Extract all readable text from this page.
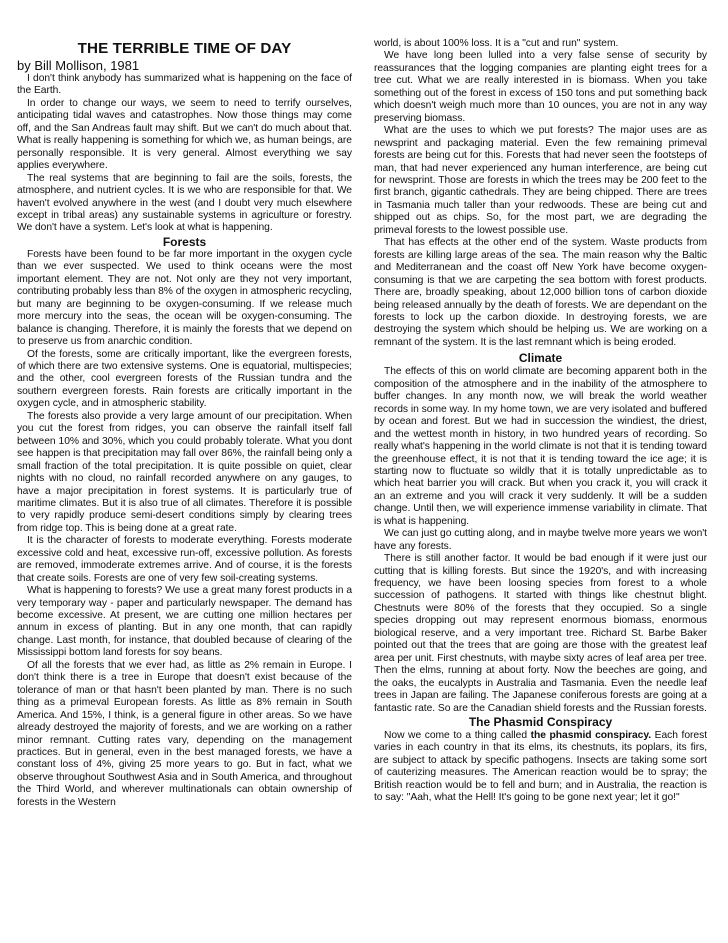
THE TERRIBLE TIME OF DAY
by Bill Mollison, 1981

I don't think anybody has summarized what is happening on the face of the Earth.

In order to change our ways, we seem to need to terrify ourselves, anticipating tidal waves and catastrophes. Now those things may come off, and the San Andreas fault may shift. But we can't do much about that. What is really happening is something for which we, as human beings, are personally responsible. It is very general. Almost everything we say applies everywhere.

The real systems that are beginning to fail are the soils, forests, the atmosphere, and nutrient cycles. It is we who are responsible for that. We haven't evolved anywhere in the west (and I doubt very much elsewhere except in tribal areas) any sustainable systems in agriculture or forestry. We don't have a system. Let's look at what is happening.

Forests

Forests have been found to be far more important in the oxygen cycle than we ever suspected. We used to think oceans were the most important element. They are not. Not only are they not very important, contributing probably less than 8% of the oxygen in atmospheric recycling, but many are beginning to be oxygen-consuming. If we release much more mercury into the seas, the ocean will be oxygen-consuming. The balance is changing. Therefore, it is mainly the forests that we depend on to preserve us from anarchic condition.

Of the forests, some are critically important, like the evergreen forests, of which there are two extensive systems. One is equatorial, multispecies; and the other, cool evergreen forests of the Russian tundra and the southern evergreen forests. Rain forests are critically important in the oxygen cycle, and in atmospheric stability.

The forests also provide a very large amount of our precipitation. When you cut the forest from ridges, you can observe the rainfall itself fall between 10% and 30%, which you could probably tolerate. What you dont see happen is that precipitation may fall over 86%, the rainfall being only a small fraction of the total precipitation. It is quite possible on quiet, clear nights with no cloud, no rainfall recorded anywhere on any gauges, to have a major precipitation in forest systems. It is particularly true of maritime climates. But it is also true of all climates. Therefore it is possible to very rapidly produce semi-desert conditions simply by clearing trees from ridge top. This is being done at a great rate.

It is the character of forests to moderate everything. Forests moderate excessive cold and heat, excessive run-off, excessive pollution. As forests are removed, immoderate extremes arrive. And of course, it is the forests that create soils. Forests are one of very few soil-creating systems.

What is happening to forests? We use a great many forest products in a very temporary way - paper and particularly newspaper. The demand has become excessive. At present, we are cutting one million hectares per annum in excess of planting. But in any one month, that can rapidly change. Last month, for instance, that doubled because of clearing of the Mississippi bottom land forests for soy beans.

Of all the forests that we ever had, as little as 2% remain in Europe. I don't think there is a tree in Europe that doesn't exist because of the tolerance of man or that hasn't been planted by man. There is no such thing as a primeval European forests. As little as 8% remain in South America. And 15%, I think, is a general figure in other areas. So we have already destroyed the majority of forests, and we are working on a rather minor remnant. Cutting rates vary, depending on the management practices. But in general, even in the best managed forests, we have a constant loss of 4%, giving 25 more years to go. But in fact, what we observe throughout Southwest Asia and in South America, and throughout the Third World, and wherever multinationals can obtain ownership of forests in the Western

world, is about 100% loss. It is a "cut and run" system.

We have long been lulled into a very false sense of security by reassurances that the logging companies are planting eight trees for a tree cut. What we are really interested in is biomass. When you take something out of the forest in excess of 150 tons and put something back which doesn't weigh much more than 10 ounces, you are not in any way preserving biomass.

What are the uses to which we put forests? The major uses are as newsprint and packaging material. Even the few remaining primeval forests are being cut for this. Forests that had never seen the footsteps of man, that had never experienced any human interference, are being cut for newsprint. Those are forests in which the trees may be 200 feet to the first branch, gigantic cathedrals. They are being chipped. There are trees in Tasmania much taller than your redwoods. These are being cut and shipped out as chips. So, for the most part, we are degrading the primeval forests to the lowest possible use.

That has effects at the other end of the system. Waste products from forests are killing large areas of the sea. The main reason why the Baltic and Mediterranean and the coast off New York have become oxygen-consuming is that we are carpeting the sea bottom with forest products. There are, broadly speaking, about 12,000 billion tons of carbon dioxide being released annually by the death of forests. We are dependant on the forests to lock up the carbon dioxide. In destroying forests, we are destroying the system which should be helping us. We are working on a remnant of the system. It is the last remnant which is being eroded.

Climate

The effects of this on world climate are becoming apparent both in the composition of the atmosphere and in the inability of the atmosphere to buffer changes. In any month now, we will break the world weather records in some way. In my home town, we are very isolated and buffered by ocean and forest. But we had in succession the windiest, the driest, and the wettest month in history, in two hundred years of recording. So really what's happening in the world climate is not that it is tending toward the greenhouse effect, it is not that it is tending toward the ice age; it is starting now to fluctuate so wildly that it is totally unpredictable as to which heat barrier you will crack. But when you crack it, you will crack it an an extreme and you will crack it very suddenly. It will be a sudden change. Until then, we will experience immense variability in climate. That is what is happening.

We can just go cutting along, and in maybe twelve more years we won't have any forests.

There is still another factor. It would be bad enough if it were just our cutting that is killing forests. But since the 1920's, and with increasing frequency, we have been loosing species from forest to a whole succession of pathogens. It started with things like chestnut blight. Chestnuts were 80% of the forests that they occupied. So a single species dropping out may represent enormous biomass, enormous biological reserve, and a very important tree. Richard St. Barbe Baker pointed out that the trees that are going are those with the greatest leaf area per unit. First chestnuts, with maybe sixty acres of leaf area per tree. Then the elms, running at about forty. Now the beeches are going, and the oaks, the eucalypts in Australia and Tasmania. Even the needle leaf trees in Japan are failing. The Japanese coniferous forests are going at a fantastic rate. So are the Canadian shield forests and the Russian forests.

The Phasmid Conspiracy

Now we come to a thing called the phasmid conspiracy. Each forest varies in each country in that its elms, its chestnuts, its poplars, its firs, are subject to attack by specific pathogens. Insects are taking some sort of cauterizing measures. The American reaction would be to spray; the British reaction would be to fell and burn; and in Australia, the reaction is to say: "Aah, what the Hell! It's going to be gone next year; let it go!"
